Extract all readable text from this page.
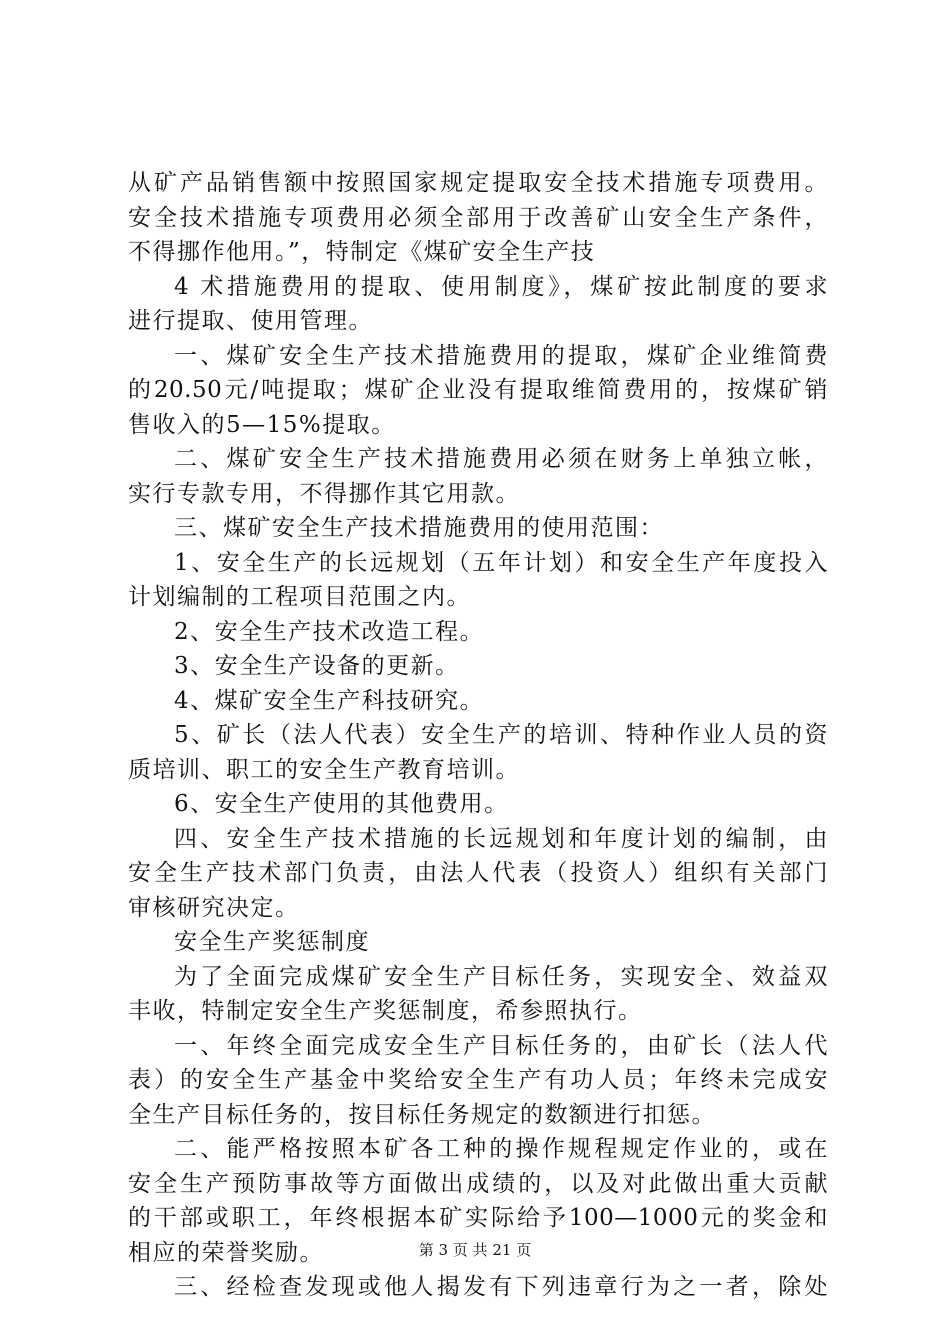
从矿产品销售额中按照国家规定提取安全技术措施专项费用。
安全技术措施专项费用必须全部用于改善矿山安全生产条件，
不得挪作他用。”，特制定《煤矿安全生产技
4 术措施费用的提取、使用制度》，煤矿按此制度的要求
进行提取、使用管理。
一、煤矿安全生产技术措施费用的提取，煤矿企业维简费
的20.50元/吨提取；煤矿企业没有提取维简费用的，按煤矿销
售收入的5—15%提取。
二、煤矿安全生产技术措施费用必须在财务上单独立帐，
实行专款专用，不得挪作其它用款。
三、煤矿安全生产技术措施费用的使用范围：
1、安全生产的长远规划（五年计划）和安全生产年度投入
计划编制的工程项目范围之内。
2、安全生产技术改造工程。
3、安全生产设备的更新。
4、煤矿安全生产科技研究。
5、矿长（法人代表）安全生产的培训、特种作业人员的资
质培训、职工的安全生产教育培训。
6、安全生产使用的其他费用。
四、安全生产技术措施的长远规划和年度计划的编制，由
安全生产技术部门负责，由法人代表（投资人）组织有关部门
审核研究决定。
安全生产奖惩制度
为了全面完成煤矿安全生产目标任务，实现安全、效益双
丰收，特制定安全生产奖惩制度，希参照执行。
一、年终全面完成安全生产目标任务的，由矿长（法人代
表）的安全生产基金中奖给安全生产有功人员；年终未完成安
全生产目标任务的，按目标任务规定的数额进行扣惩。
二、能严格按照本矿各工种的操作规程规定作业的，或在
安全生产预防事故等方面做出成绩的，以及对此做出重大贡献
的干部或职工，年终根据本矿实际给予100—1000元的奖金和
相应的荣誉奖励。
三、经检查发现或他人揭发有下列违章行为之一者，除处
第 3 页 共 21 页
